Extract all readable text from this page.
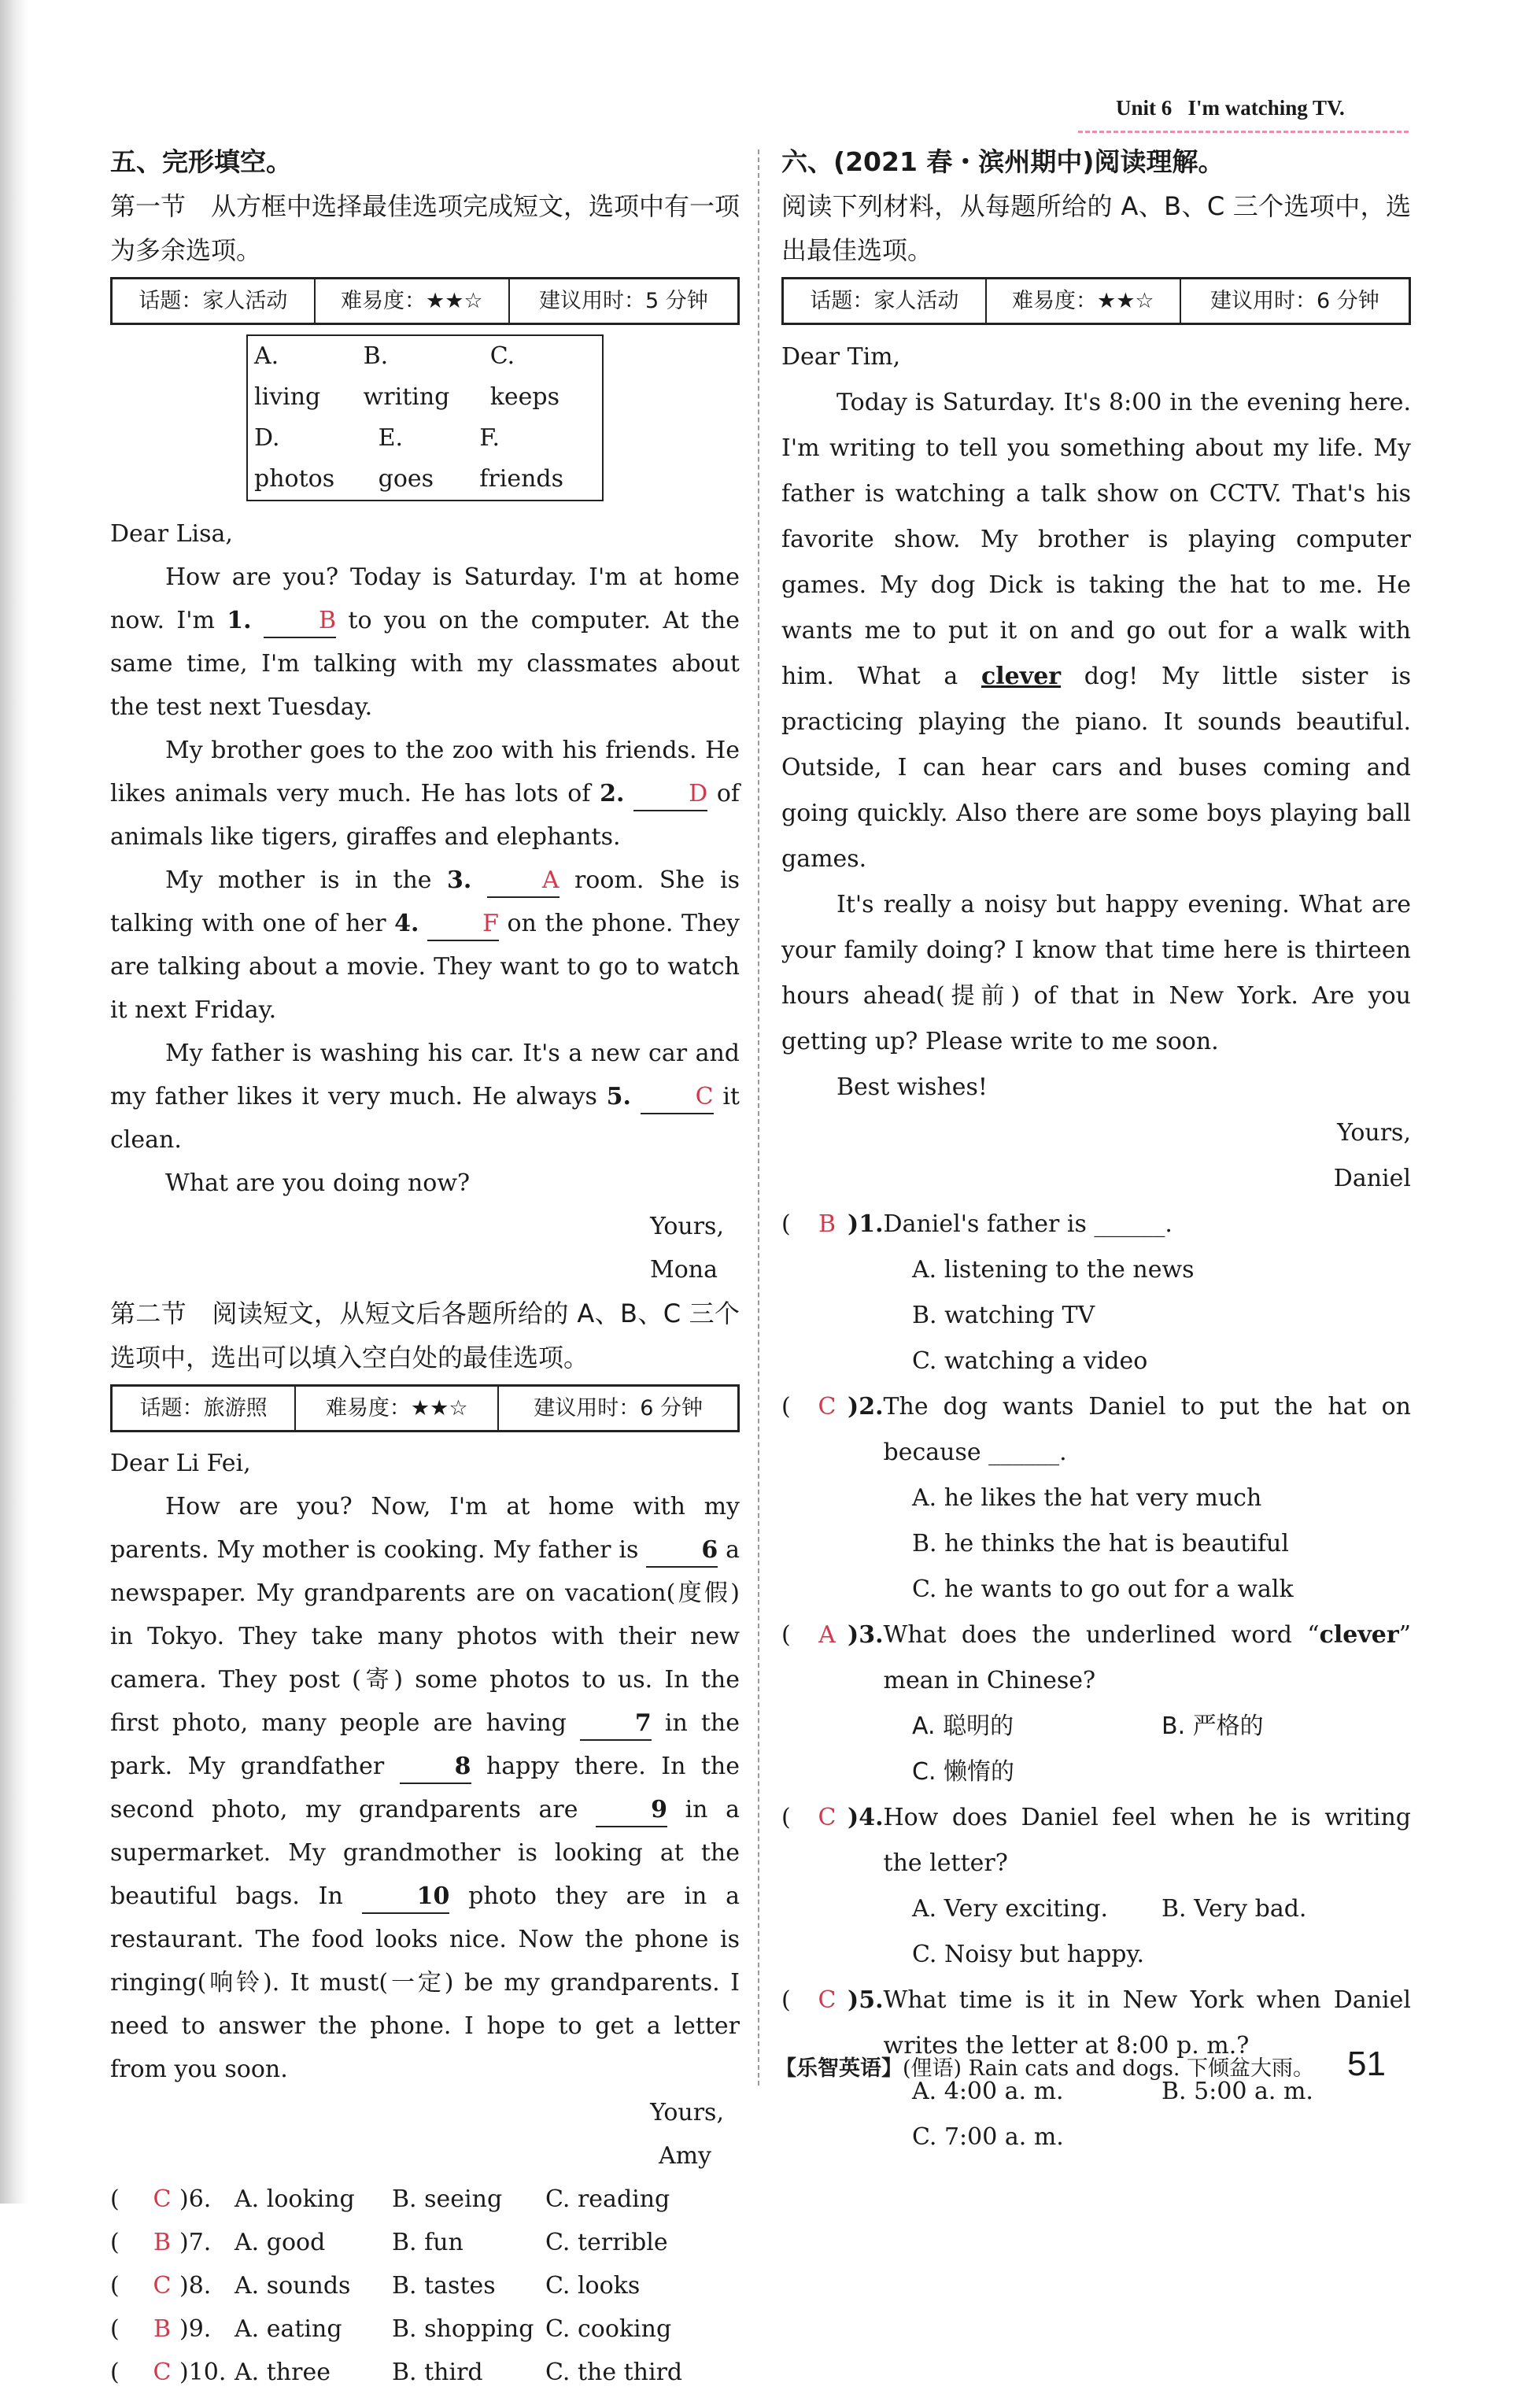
Unit 6 I'm watching TV.
五、完形填空。
第一节　从方框中选择最佳选项完成短文，选项中有一项为多余选项。
话题：家人活动	难易度：★★☆	建议用时：5 分钟
A. living
B. writing
C. keeps
D. photos
E. goes
F. friends

Dear Lisa,

How are you? Today is Saturday. I'm at home now. I'm 1.	B to you on the computer. At the same time, I'm talking with my classmates about the test next Tuesday.

My brother goes to the zoo with his friends. He likes animals very much. He has lots of 2.	D of animals like tigers, giraffes and elephants.

My mother is in the 3.	A room. She is talking with one of her 4.	F on the phone. They are talking about a movie. They want to go to watch it next Friday.

My father is washing his car. It's a new car and my father likes it very much. He always 5.	C it clean.

What are you doing now?

Yours,
Mona
第二节　阅读短文，从短文后各题所给的 A、B、C 三个选项中，选出可以填入空白处的最佳选项。
话题：旅游照	难易度：★★☆	建议用时：6 分钟

Dear Li Fei,

How are you? Now, I'm at home with my parents. My mother is cooking. My father is 6 a newspaper. My grandparents are on vacation(度假) in Tokyo. They take many photos with their new camera. They post (寄) some photos to us. In the first photo, many people are having 7 in the park. My grandfather 8 happy there. In the second photo, my grandparents are 9 in a supermarket. My grandmother is looking at the beautiful bags. In 10 photo they are in a restaurant. The food looks nice. Now the phone is ringing(响铃). It must(一定) be my grandparents. I need to answer the phone. I hope to get a letter from you soon.

Yours,
Amy
(	C )6. A. looking	B. seeing	C. reading
(	B )7. A. good	B. fun	C. terrible
(	C )8. A. sounds	B. tastes	C. looks
(	B )9. A. eating	B. shopping C. cooking
(	C )10. A. three	B. third	C. the third
六、(2021 春・滨州期中)阅读理解。
阅读下列材料，从每题所给的 A、B、C 三个选项中，选出最佳选项。
话题：家人活动	难易度：★★☆	建议用时：6 分钟

Dear Tim,

Today is Saturday. It's 8:00 in the evening here. I'm writing to tell you something about my life. My father is watching a talk show on CCTV. That's his favorite show. My brother is playing computer games. My dog Dick is taking the hat to me. He wants me to put it on and go out for a walk with him. What a clever dog! My little sister is practicing playing the piano. It sounds beautiful. Outside, I can hear cars and buses coming and going quickly. Also there are some boys playing ball games.

It's really a noisy but happy evening. What are your family doing? I know that time here is thirteen hours ahead(提前) of that in New York. Are you getting up? Please write to me soon.

Best wishes!

Yours,
Daniel
(	B )1. Daniel's father is ______.
A. listening to the news
B. watching TV
C. watching a video
(	C )2. The dog wants Daniel to put the hat on because ______.
A. he likes the hat very much
B. he thinks the hat is beautiful
C. he wants to go out for a walk
(	A )3. What does the underlined word “clever” mean in Chinese?
A. 聪明的	B. 严格的
C. 懒惰的
(	C )4. How does Daniel feel when he is writing the letter?
A. Very exciting.	B. Very bad.
C. Noisy but happy.
(	C )5. What time is it in New York when Daniel writes the letter at 8:00 p. m.?
A. 4:00 a. m.	B. 5:00 a. m.
C. 7:00 a. m.
【乐智英语】(俚语) Rain cats and dogs. 下倾盆大雨。 51
